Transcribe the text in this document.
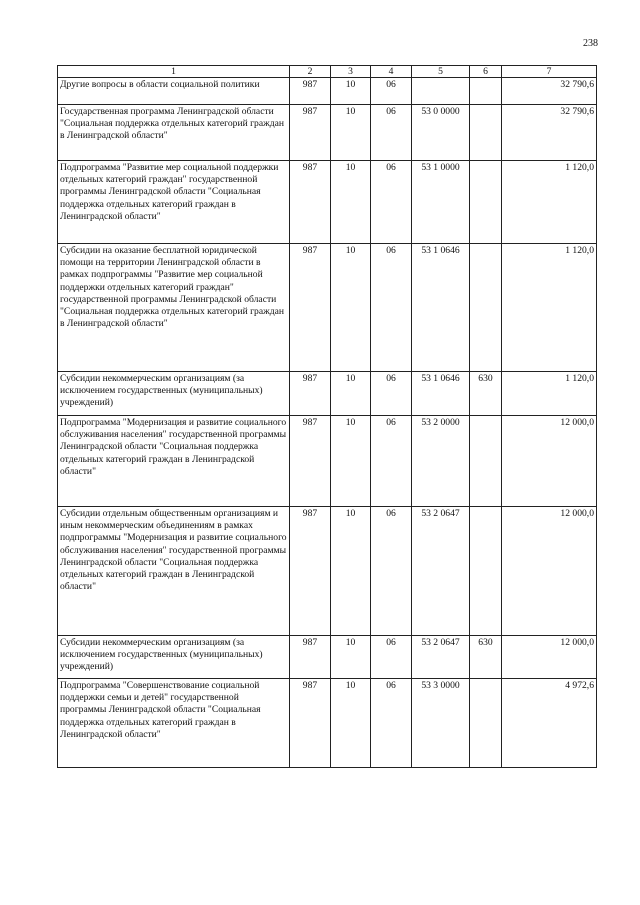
238
1	2	3	4	5	6	7
Другие вопросы в области социальной политики	987	10	06			32 790,6
Государственная программа Ленинградской области "Социальная поддержка отдельных категорий граждан в Ленинградской области"	987	10	06	53 0 0000		32 790,6
Подпрограмма "Развитие мер социальной поддержки отдельных категорий граждан" государственной программы Ленинградской области "Социальная поддержка отдельных категорий граждан в Ленинградской области"	987	10	06	53 1 0000		1 120,0
Субсидии на оказание бесплатной юридической помощи на территории Ленинградской области в рамках подпрограммы "Развитие мер социальной поддержки отдельных категорий граждан" государственной программы Ленинградской области "Социальная поддержка отдельных категорий граждан в Ленинградской области"	987	10	06	53 1 0646		1 120,0
Субсидии некоммерческим организациям (за исключением государственных (муниципальных) учреждений)	987	10	06	53 1 0646	630	1 120,0
Подпрограмма "Модернизация и развитие социального обслуживания населения" государственной программы Ленинградской области "Социальная поддержка отдельных категорий граждан в Ленинградской области"	987	10	06	53 2 0000		12 000,0
Субсидии отдельным общественным организациям и иным некоммерческим объединениям в рамках подпрограммы "Модернизация и развитие социального обслуживания населения" государственной программы Ленинградской области "Социальная поддержка отдельных категорий граждан в Ленинградской области"	987	10	06	53 2 0647		12 000,0
Субсидии некоммерческим организациям (за исключением государственных (муниципальных) учреждений)	987	10	06	53 2 0647	630	12 000,0
Подпрограмма "Совершенствование социальной поддержки семьи и детей" государственной программы Ленинградской области "Социальная поддержка отдельных категорий граждан в Ленинградской области"	987	10	06	53 3 0000		4 972,6
